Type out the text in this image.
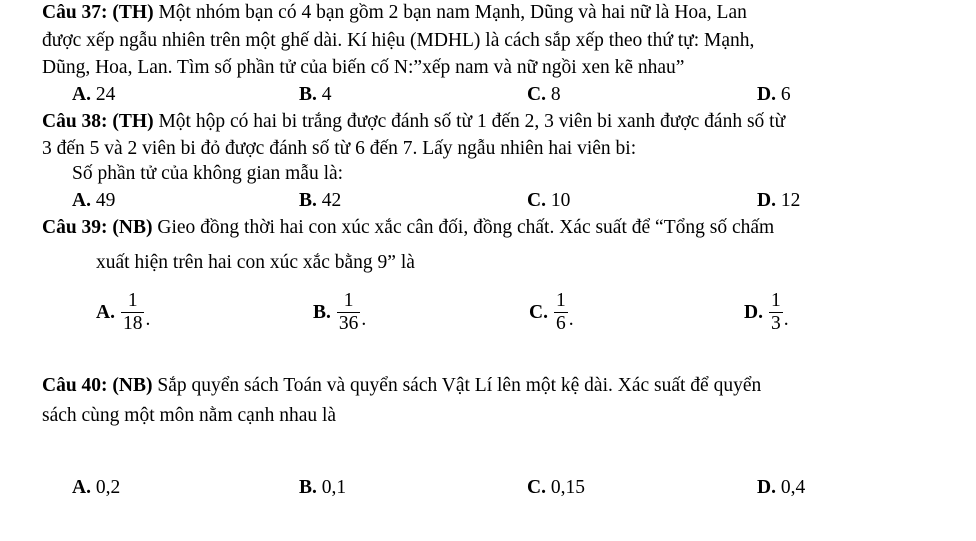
Câu 37: (TH) Một nhóm bạn có 4 bạn gồm 2 bạn nam Mạnh, Dũng và hai nữ là Hoa, Lan
được xếp ngẫu nhiên trên một ghế dài. Kí hiệu (MDHL) là cách sắp xếp theo thứ tự: Mạnh,
Dũng, Hoa, Lan. Tìm số phần tử của biến cố N:”xếp nam và nữ ngồi xen kẽ nhau”
A. 24	B. 4	C. 8	D. 6
Câu 38: (TH) Một hộp có hai bi trắng được đánh số từ 1 đến 2, 3 viên bi xanh được đánh số từ
3 đến 5 và 2 viên bi đỏ được đánh số từ 6 đến 7. Lấy ngẫu nhiên hai viên bi:
Số phần tử của không gian mẫu là:
A. 49	B. 42	C. 10	D. 12
Câu 39: (NB) Gieo đồng thời hai con xúc xắc cân đối, đồng chất. Xác suất để “Tổng số chấm
xuất hiện trên hai con xúc xắc bằng 9” là
A. $\frac{1}{18}$ .	B. $\frac{1}{36}$ .	C. $\frac{1}{6}$ .	D. $\frac{1}{3}$ .
Câu 40: (NB) Sắp quyển sách Toán và quyển sách Vật Lí lên một kệ dài. Xác suất để quyển
sách cùng một môn nằm cạnh nhau là
A. 0,2	B. 0,1	C. 0,15	D. 0,4
